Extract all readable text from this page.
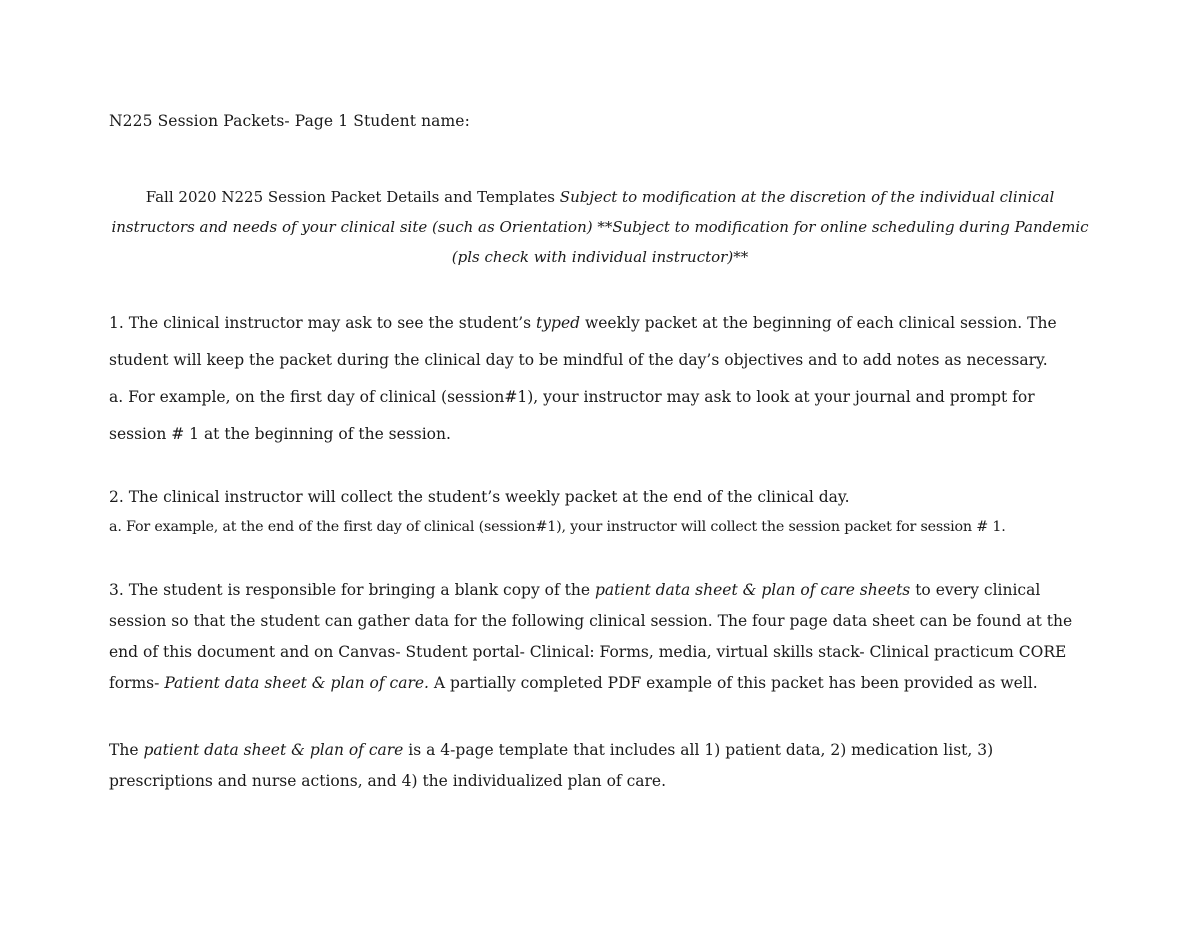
N225 Session Packets- Page 1 Student name:
Fall 2020 N225 Session Packet Details and Templates Subject to modification at the discretion of the individual clinical instructors and needs of your clinical site (such as Orientation) **Subject to modification for online scheduling during Pandemic (pls check with individual instructor)**
1. The clinical instructor may ask to see the student’s typed weekly packet at the beginning of each clinical session. The student will keep the packet during the clinical day to be mindful of the day’s objectives and to add notes as necessary.
a. For example, on the first day of clinical (session#1), your instructor may ask to look at your journal and prompt for
session # 1 at the beginning of the session.
2. The clinical instructor will collect the student’s weekly packet at the end of the clinical day.
a. For example, at the end of the first day of clinical (session#1), your instructor will collect the session packet for session # 1.
3. The student is responsible for bringing a blank copy of the patient data sheet & plan of care sheets to every clinical session so that the student can gather data for the following clinical session. The four page data sheet can be found at the end of this document and on Canvas- Student portal- Clinical: Forms, media, virtual skills stack- Clinical practicum CORE forms- Patient data sheet & plan of care. A partially completed PDF example of this packet has been provided as well.
The patient data sheet & plan of care is a 4-page template that includes all 1) patient data, 2) medication list, 3) prescriptions and nurse actions, and 4) the individualized plan of care.
